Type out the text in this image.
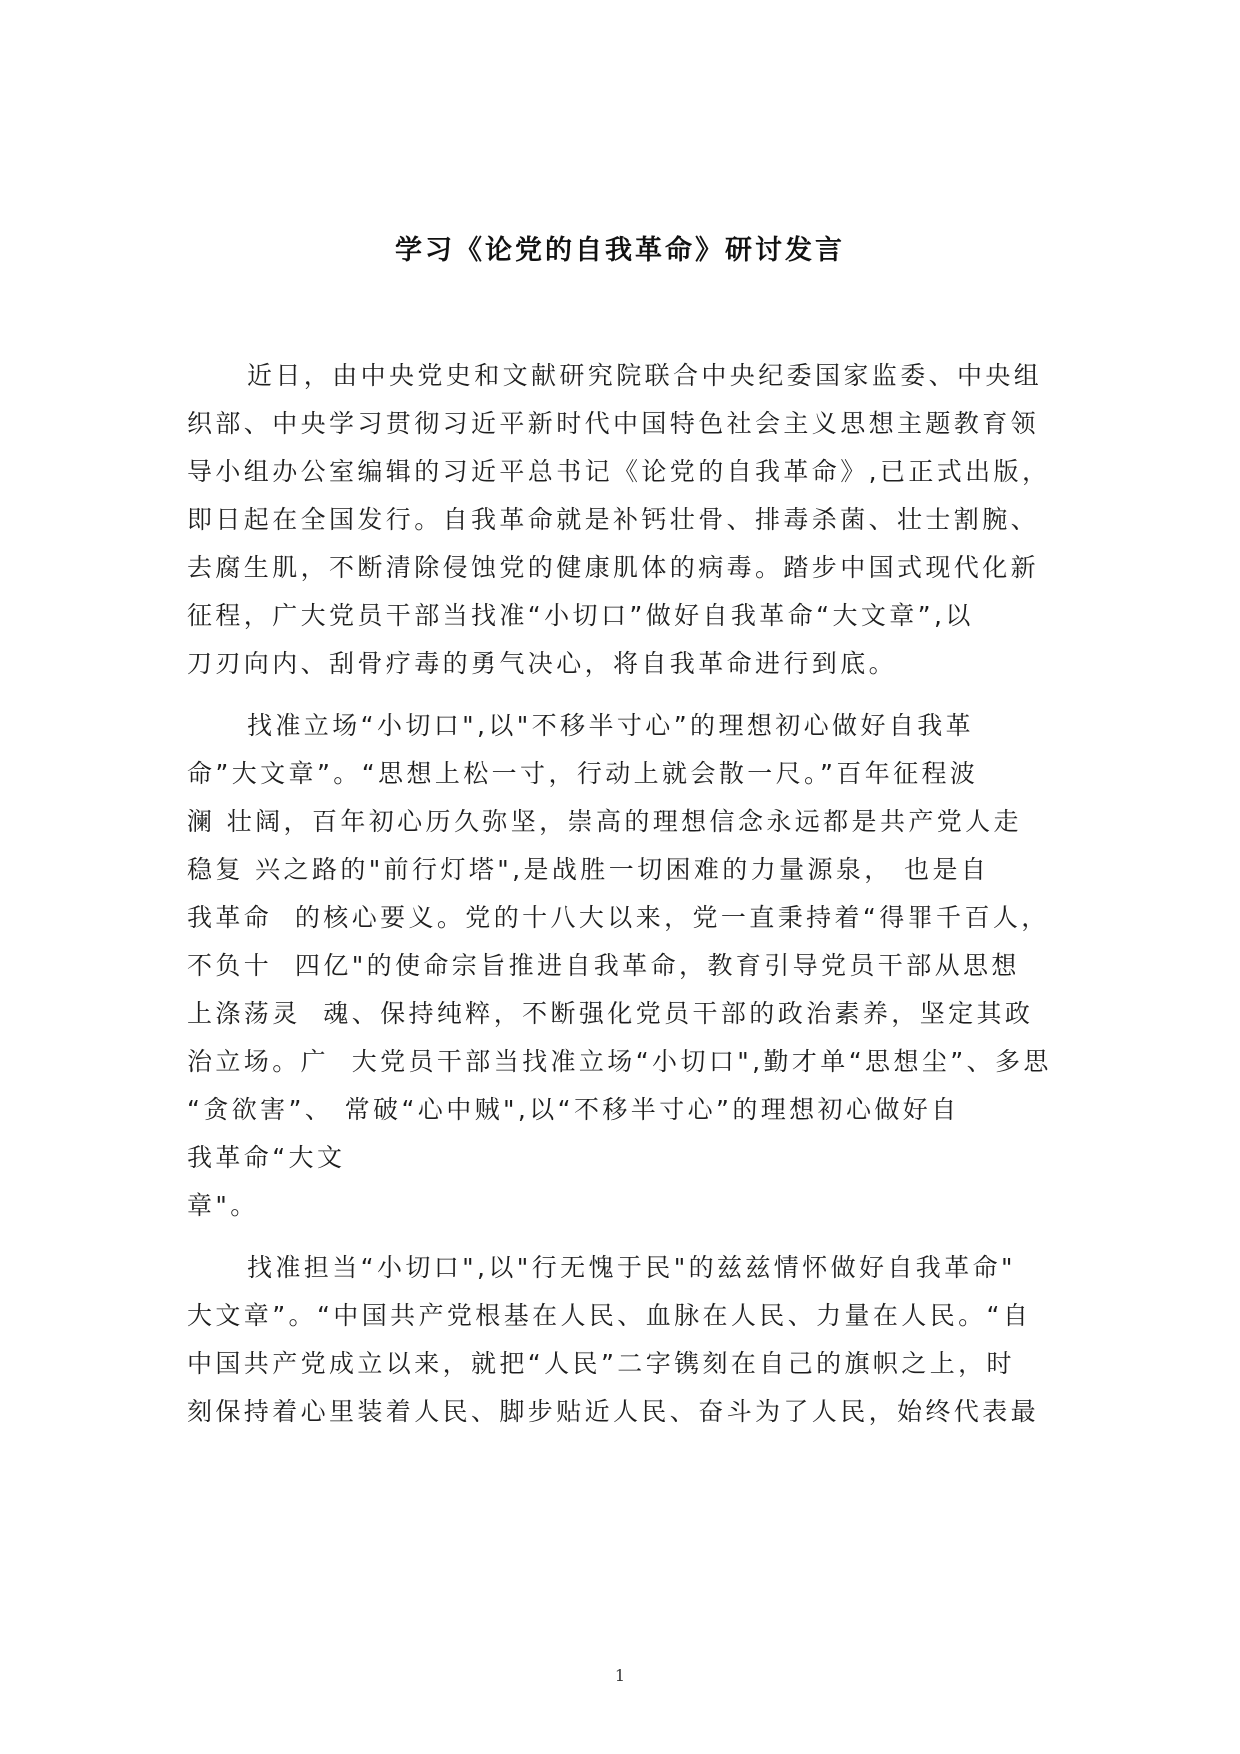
学习《论党的自我革命》研讨发言
近日，由中央党史和文献研究院联合中央纪委国家监委、中央组
织部、中央学习贯彻习近平新时代中国特色社会主义思想主题教育领
导小组办公室编辑的习近平总书记《论党的自我革命》,已正式出版，
即日起在全国发行。自我革命就是补钙壮骨、排毒杀菌、壮士割腕、
去腐生肌，不断清除侵蚀党的健康肌体的病毒。踏步中国式现代化新
征程，广大党员干部当找准“小切口”做好自我革命“大文章”,以
刀刃向内、刮骨疗毒的勇气决心，将自我革命进行到底。
找准立场“小切口",以"不移半寸心”的理想初心做好自我革
命”大文章”。“思想上松一寸，行动上就会散一尺。”百年征程波
澜 壮阔，百年初心历久弥坚，崇高的理想信念永远都是共产党人走
稳复 兴之路的"前行灯塔",是战胜一切困难的力量源泉， 也是自
我革命  的核心要义。党的十八大以来，党一直秉持着“得罪千百人，
不负十  四亿"的使命宗旨推进自我革命，教育引导党员干部从思想
上涤荡灵  魂、保持纯粹，不断强化党员干部的政治素养，坚定其政
治立场。广  大党员干部当找准立场“小切口",勤才单“思想尘”、多思
“贪欲害”、 常破“心中贼",以“不移半寸心”的理想初心做好自
我革命“大文
章"。
找准担当“小切口",以"行无愧于民"的兹兹情怀做好自我革命"
大文章”。“中国共产党根基在人民、血脉在人民、力量在人民。“自
中国共产党成立以来，就把“人民”二字镌刻在自己的旗帜之上，时
刻保持着心里装着人民、脚步贴近人民、奋斗为了人民，始终代表最
1
